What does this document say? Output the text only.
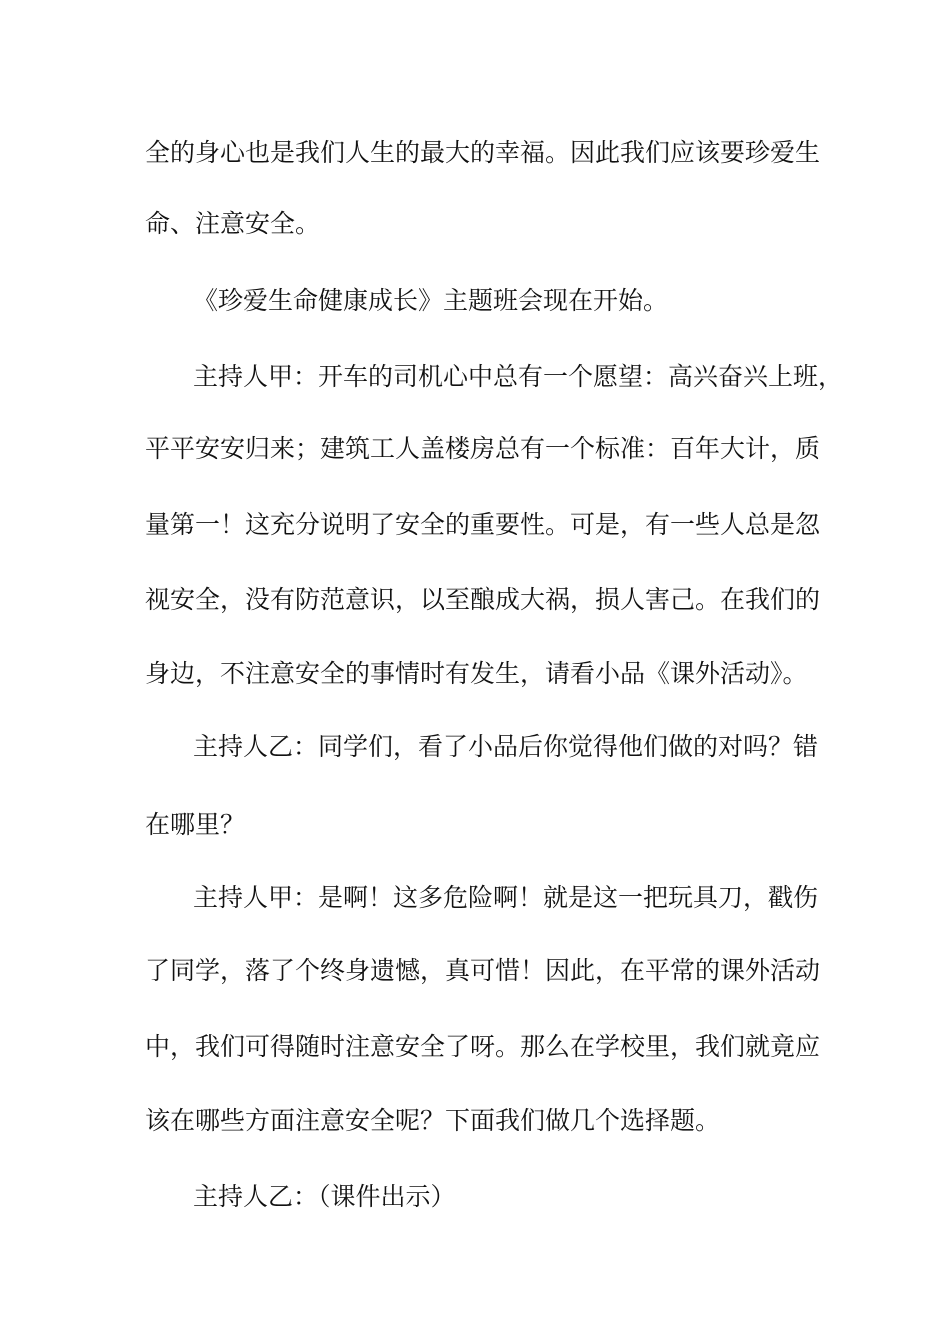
全的身心也是我们人生的最大的幸福。因此我们应该要珍爱生
命、注意安全。
《珍爱生命健康成长》主题班会现在开始。
主持人甲：开车的司机心中总有一个愿望：高兴奋兴上班，
平平安安归来；建筑工人盖楼房总有一个标准：百年大计，质
量第一！这充分说明了安全的重要性。可是，有一些人总是忽
视安全，没有防范意识，以至酿成大祸，损人害己。在我们的
身边，不注意安全的事情时有发生，请看小品《课外活动》。
主持人乙：同学们，看了小品后你觉得他们做的对吗？错
在哪里？
主持人甲：是啊！这多危险啊！就是这一把玩具刀，戳伤
了同学，落了个终身遗憾，真可惜！因此，在平常的课外活动
中，我们可得随时注意安全了呀。那么在学校里，我们就竟应
该在哪些方面注意安全呢？下面我们做几个选择题。
主持人乙：（课件出示）
